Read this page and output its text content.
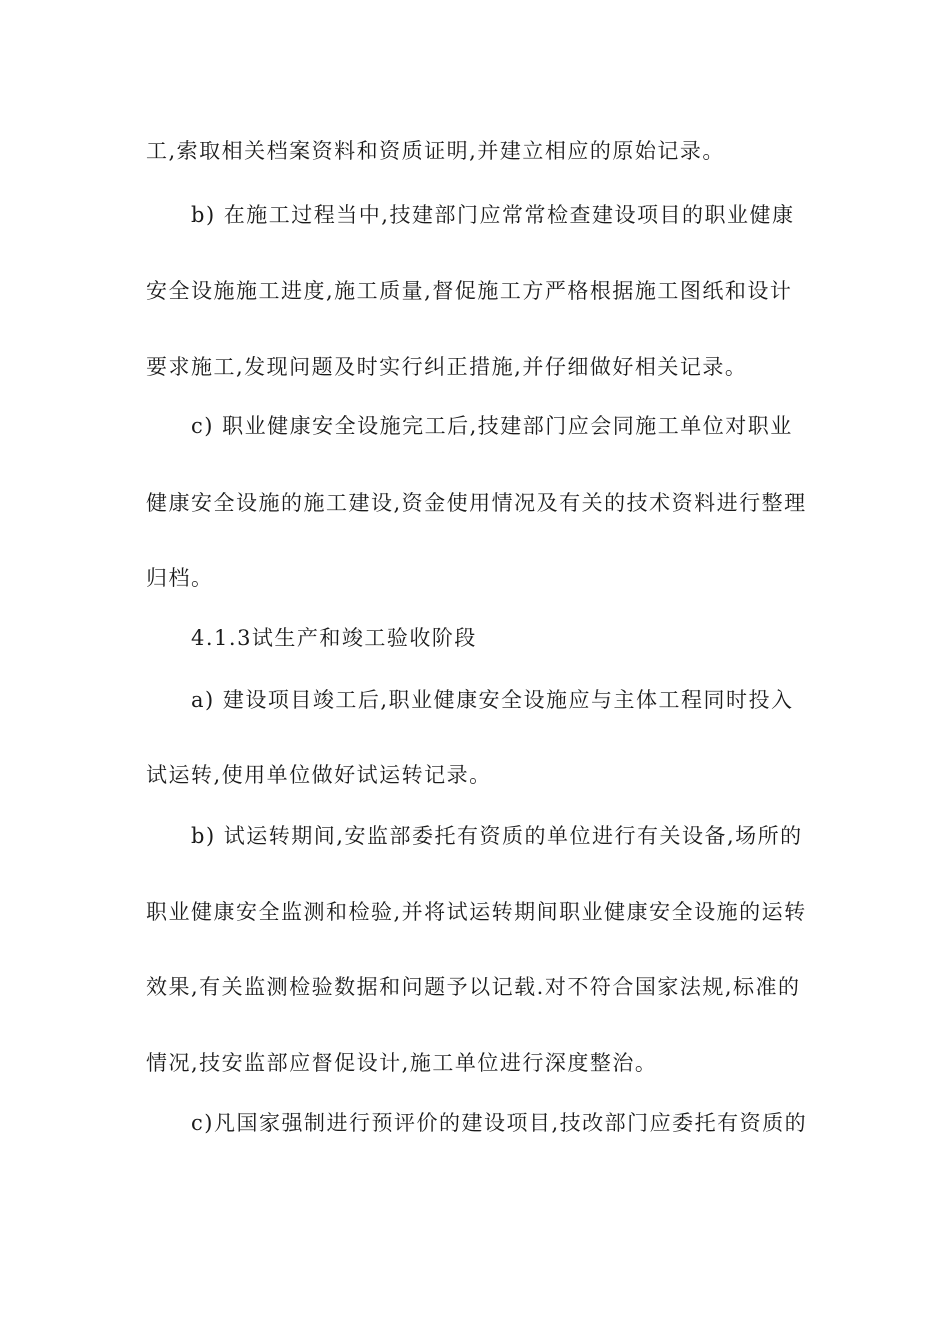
工,索取相关档案资料和资质证明,并建立相应的原始记录。
b) 在施工过程当中,技建部门应常常检查建设项目的职业健康
安全设施施工进度,施工质量,督促施工方严格根据施工图纸和设计
要求施工,发现问题及时实行纠正措施,并仔细做好相关记录。
c) 职业健康安全设施完工后,技建部门应会同施工单位对职业
健康安全设施的施工建设,资金使用情况及有关的技术资料进行整理
归档。
4.1.3试生产和竣工验收阶段
a) 建设项目竣工后,职业健康安全设施应与主体工程同时投入
试运转,使用单位做好试运转记录。
b) 试运转期间,安监部委托有资质的单位进行有关设备,场所的
职业健康安全监测和检验,并将试运转期间职业健康安全设施的运转
效果,有关监测检验数据和问题予以记载.对不符合国家法规,标准的
情况,技安监部应督促设计,施工单位进行深度整治。
c)凡国家强制进行预评价的建设项目,技改部门应委托有资质的
